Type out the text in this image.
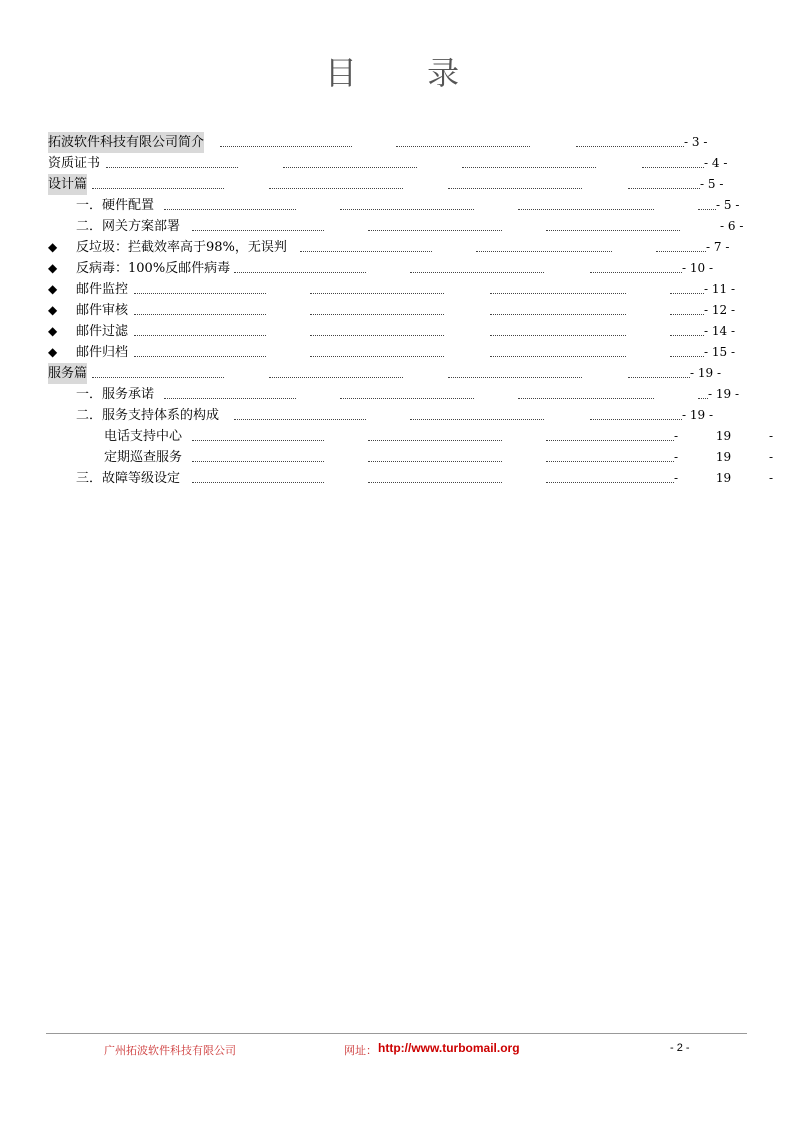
目 录
拓波软件科技有限公司简介	- 3 -
资质证书	- 4 -
设计篇	- 5 -
一．硬件配置	- 5 -
二．网关方案部署	- 6 -
◆ 反垃圾：拦截效率高于98%，无误判	- 7 -
◆ 反病毒：100%反邮件病毒	- 10 -
◆ 邮件监控	- 11 -
◆ 邮件审核	- 12 -
◆ 邮件过滤	- 14 -
◆ 邮件归档	- 15 -
服务篇	- 19 -
一．服务承诺	- 19 -
二．服务支持体系的构成	- 19 -
电话支持中心	- 19 -
定期巡查服务	- 19 -
三．故障等级设定	- 19 -
广州拓波软件科技有限公司	网址： http://www.turbomail.org	- 2 -
